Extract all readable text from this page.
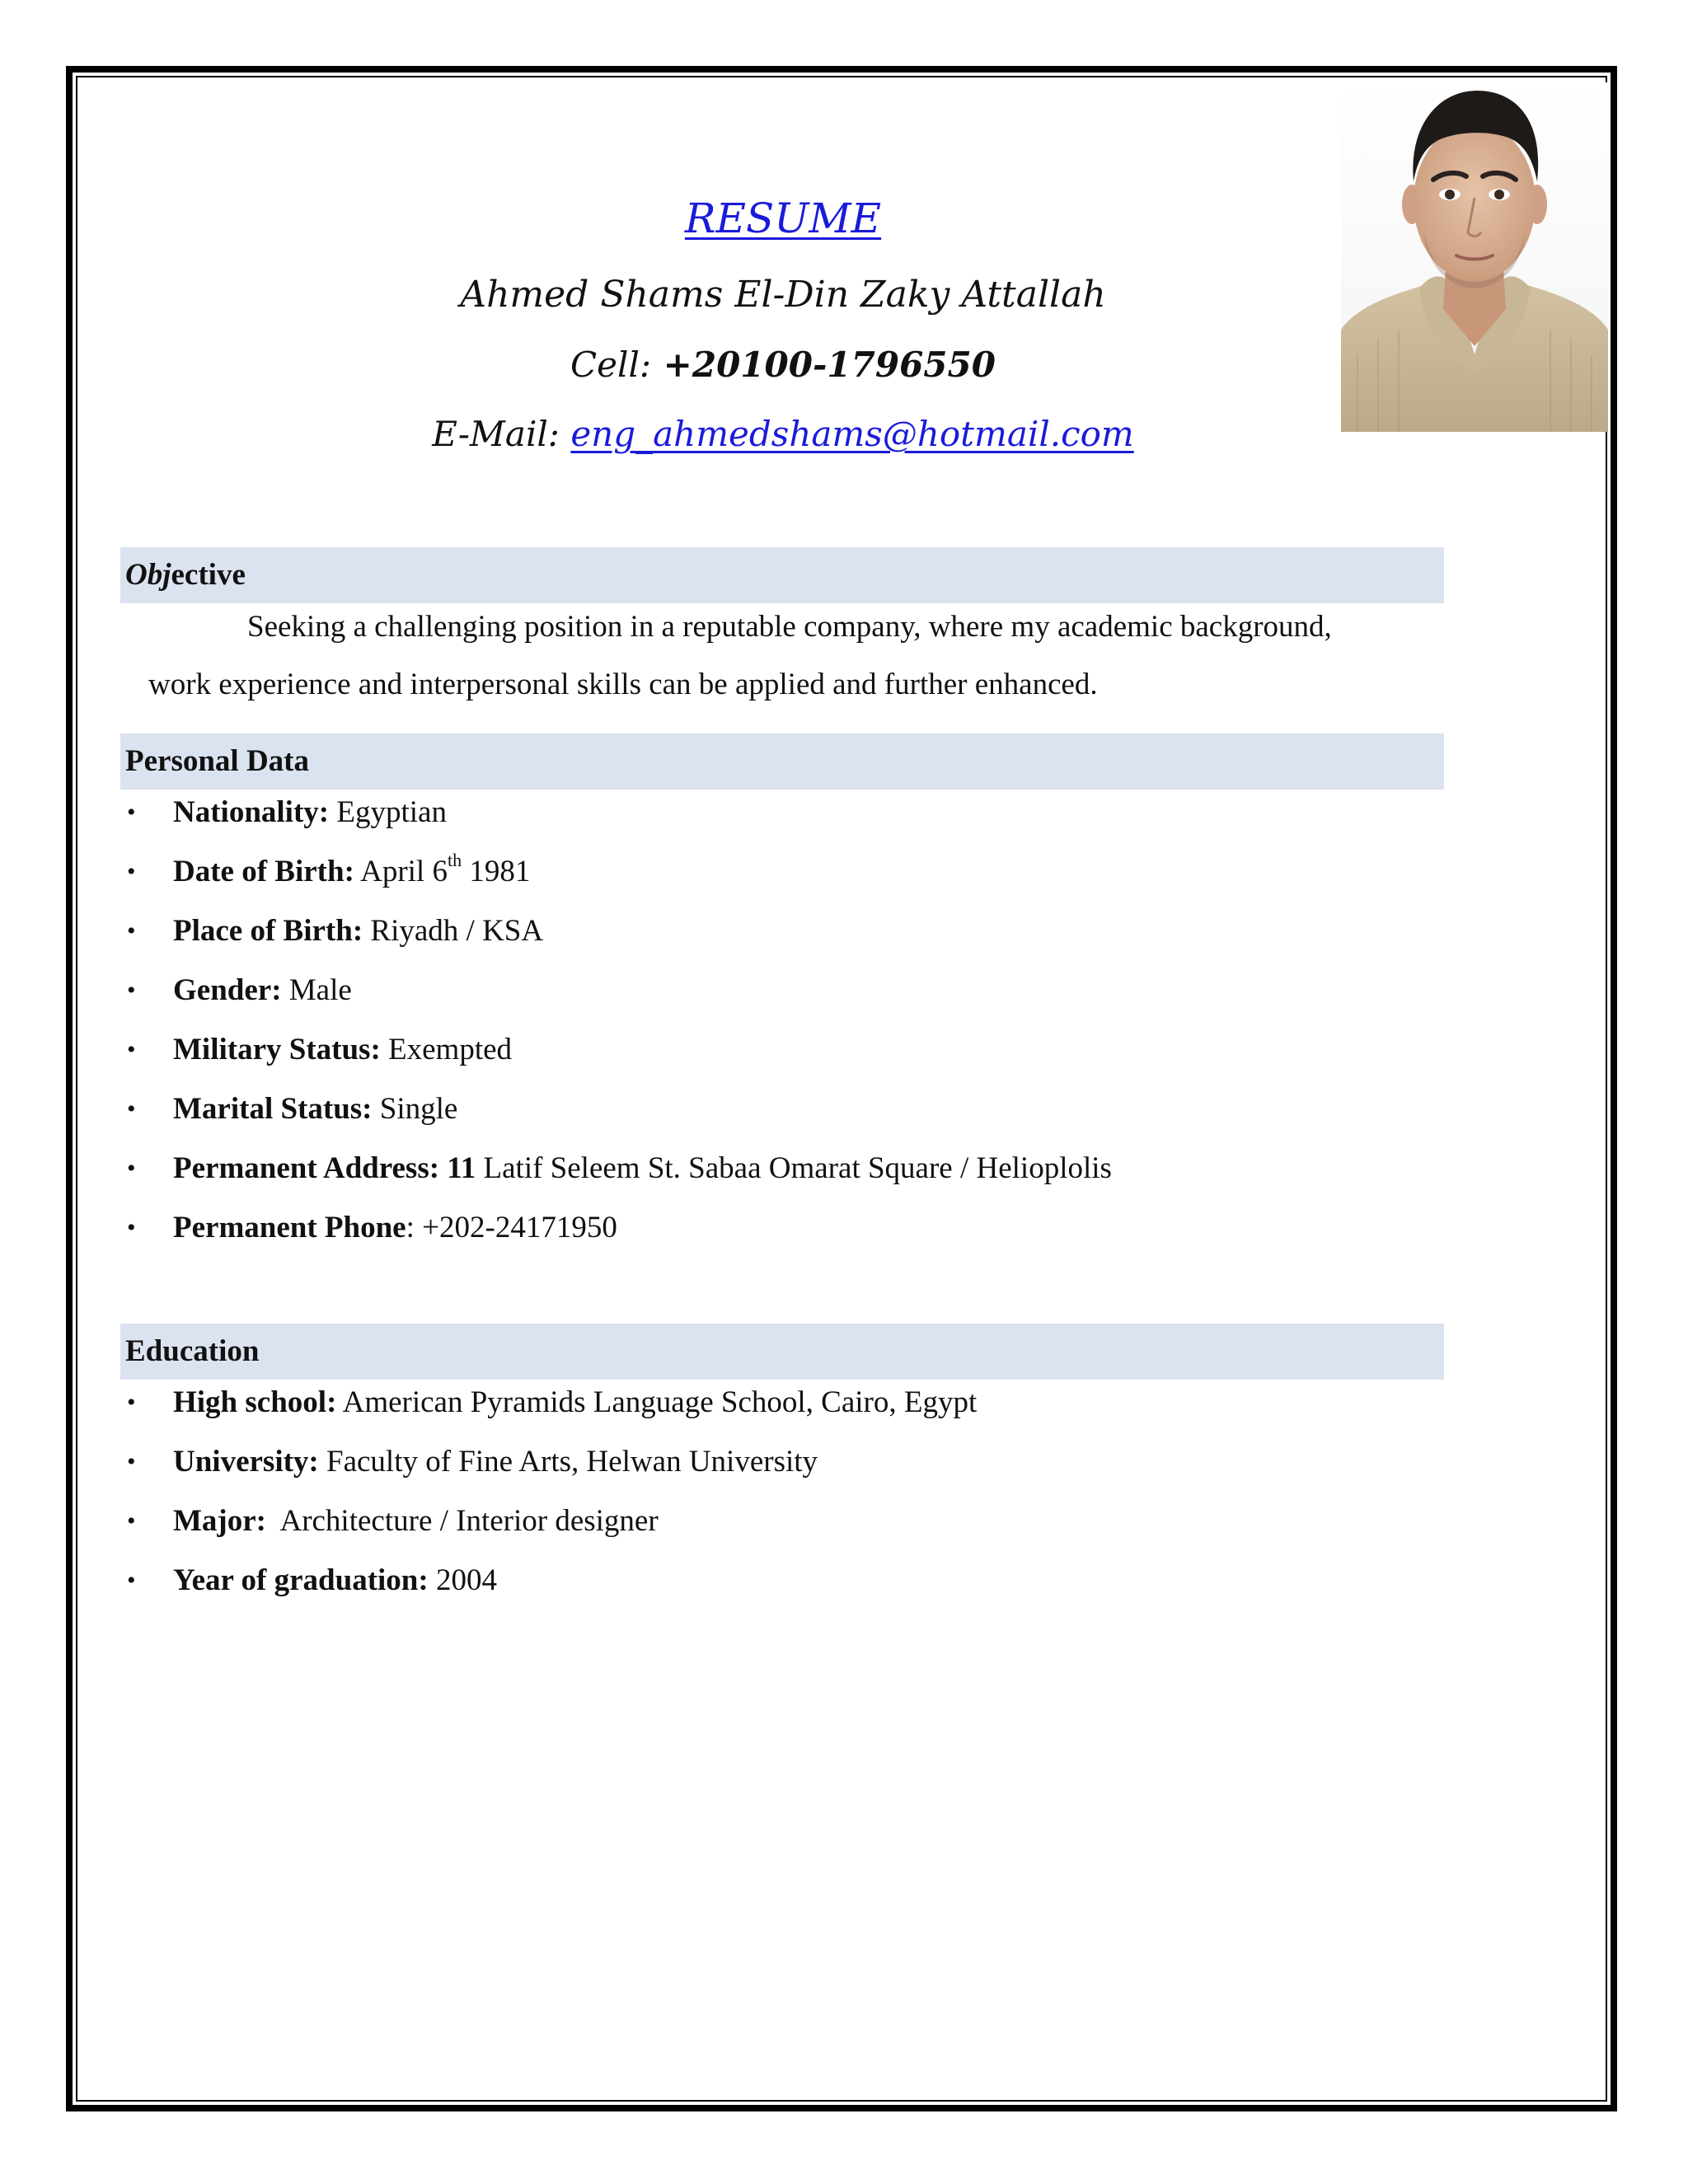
RESUME
Ahmed Shams El-Din Zaky Attallah
Cell: +20100-1796550
E-Mail: eng_ahmedshams@hotmail.com
Objective
Seeking a challenging position in a reputable company, where my academic background,
work experience and interpersonal skills can be applied and further enhanced.
Personal Data
• Nationality: Egyptian
• Date of Birth: April 6th 1981
• Place of Birth: Riyadh / KSA
• Gender: Male
• Military Status: Exempted
• Marital Status: Single
• Permanent Address: 11 Latif Seleem St. Sabaa Omarat Square / Helioplolis
• Permanent Phone: +202-24171950
Education
• High school: American Pyramids Language School, Cairo, Egypt
• University: Faculty of Fine Arts, Helwan University
• Major: Architecture / Interior designer
• Year of graduation: 2004
